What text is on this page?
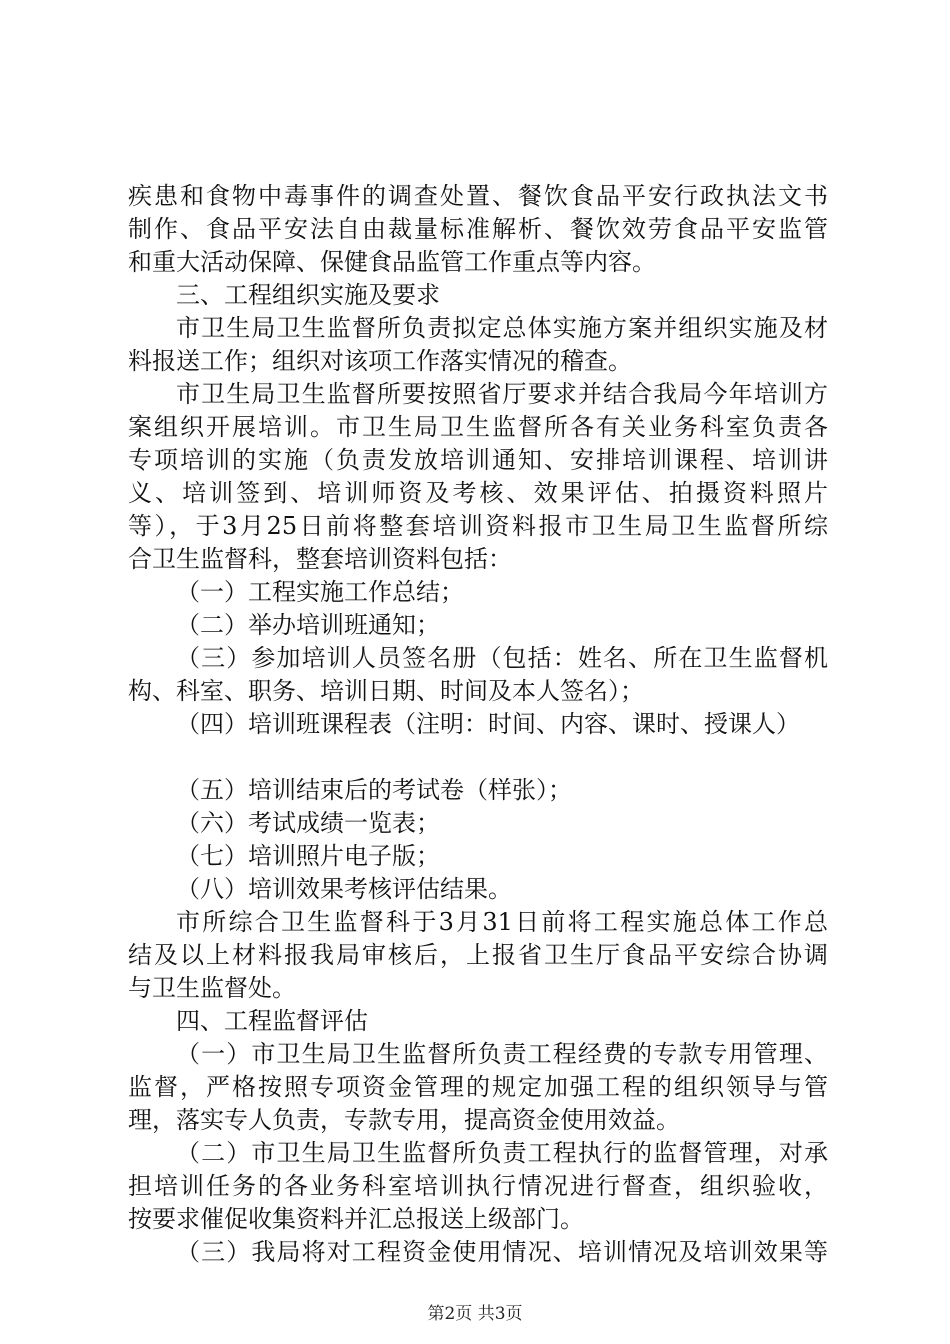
疾患和食物中毒事件的调查处置、餐饮食品平安行政执法文书
制作、食品平安法自由裁量标准解析、餐饮效劳食品平安监管
和重大活动保障、保健食品监管工作重点等内容。
三、工程组织实施及要求
市卫生局卫生监督所负责拟定总体实施方案并组织实施及材
料报送工作；组织对该项工作落实情况的稽查。
市卫生局卫生监督所要按照省厅要求并结合我局今年培训方
案组织开展培训。市卫生局卫生监督所各有关业务科室负责各
专项培训的实施（负责发放培训通知、安排培训课程、培训讲
义、培训签到、培训师资及考核、效果评估、拍摄资料照片
等），于3月25日前将整套培训资料报市卫生局卫生监督所综
合卫生监督科，整套培训资料包括：
（一）工程实施工作总结；
（二）举办培训班通知；
（三）参加培训人员签名册（包括：姓名、所在卫生监督机
构、科室、职务、培训日期、时间及本人签名）；
（四）培训班课程表（注明：时间、内容、课时、授课人）
（五）培训结束后的考试卷（样张）；
（六）考试成绩一览表；
（七）培训照片电子版；
（八）培训效果考核评估结果。
市所综合卫生监督科于3月31日前将工程实施总体工作总
结及以上材料报我局审核后，上报省卫生厅食品平安综合协调
与卫生监督处。
四、工程监督评估
（一）市卫生局卫生监督所负责工程经费的专款专用管理、
监督，严格按照专项资金管理的规定加强工程的组织领导与管
理，落实专人负责，专款专用，提高资金使用效益。
（二）市卫生局卫生监督所负责工程执行的监督管理，对承
担培训任务的各业务科室培训执行情况进行督查，组织验收，
按要求催促收集资料并汇总报送上级部门。
（三）我局将对工程资金使用情况、培训情况及培训效果等
第2页 共3页
